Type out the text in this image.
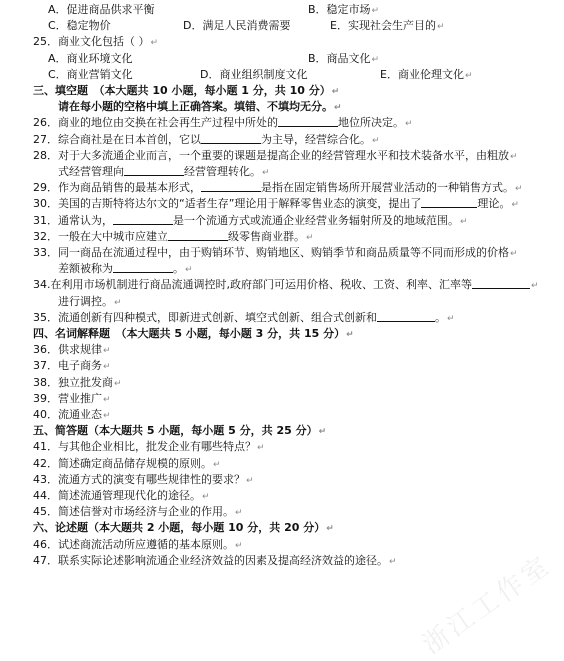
A．促进商品供求平衡	B．稳定市场↵
C．稳定物价	D．满足人民消费需要	E．实现社会生产目的↵
25．商业文化包括（ ）↵
A．商业环境文化	B．商品文化↵
C．商业营销文化	D．商业组织制度文化	E．商业伦理文化↵
三、填空题　（本大题共 10 小题，每小题 1 分，共 10 分）↵
请在每小题的空格中填上正确答案。填错、不填均无分。↵
26．商业的地位由交换在社会再生产过程中所处的	地位所决定。↵
27．综合商社是在日本首创，它以	为主导，经营综合化。↵
28．对于大多流通企业而言，一个重要的课题是提高企业的经营管理水平和技术装备水平，由粗放↵
式经营管理向	经营管理转化。↵
29．作为商品销售的最基本形式，	是指在固定销售场所开展营业活动的一种销售方式。↵
30．美国的吉斯特将达尔文的“适者生存”理论用于解释零售业态的演变，提出了	理论。↵
31．通常认为，	是一个流通方式或流通企业经营业务辐射所及的地域范围。↵
32．一般在大中城市应建立	级零售商业群。↵
33．同一商品在流通过程中，由于购销环节、购销地区、购销季节和商品质量等不同而形成的价格↵
差额被称为	。↵
34.在利用市场机制进行商品流通调控时,政府部门可运用价格、税收、工资、利率、汇率等	↵
进行调控。↵
35．流通创新有四种模式，即新进式创新、填空式创新、组合式创新和	。↵
四、名词解释题　（本大题共 5 小题，每小题 3 分，共 15 分）↵
36．供求规律↵
37．电子商务↵
38．独立批发商↵
39．营业推广↵
40．流通业态↵
五、简答题（本大题共 5 小题，每小题 5 分，共 25 分）↵
41．与其他企业相比，批发企业有哪些特点？↵
42．简述确定商品储存规模的原则。↵
43．流通方式的演变有哪些规律性的要求？↵
44．简述流通管理现代化的途径。↵
45．简述信誉对市场经济与企业的作用。↵
六、论述题（本大题共 2 小题，每小题 10 分，共 20 分）↵
46．试述商流活动所应遵循的基本原则。↵
47．联系实际论述影响流通企业经济效益的因素及提高经济效益的途径。↵ 浙江工作室
